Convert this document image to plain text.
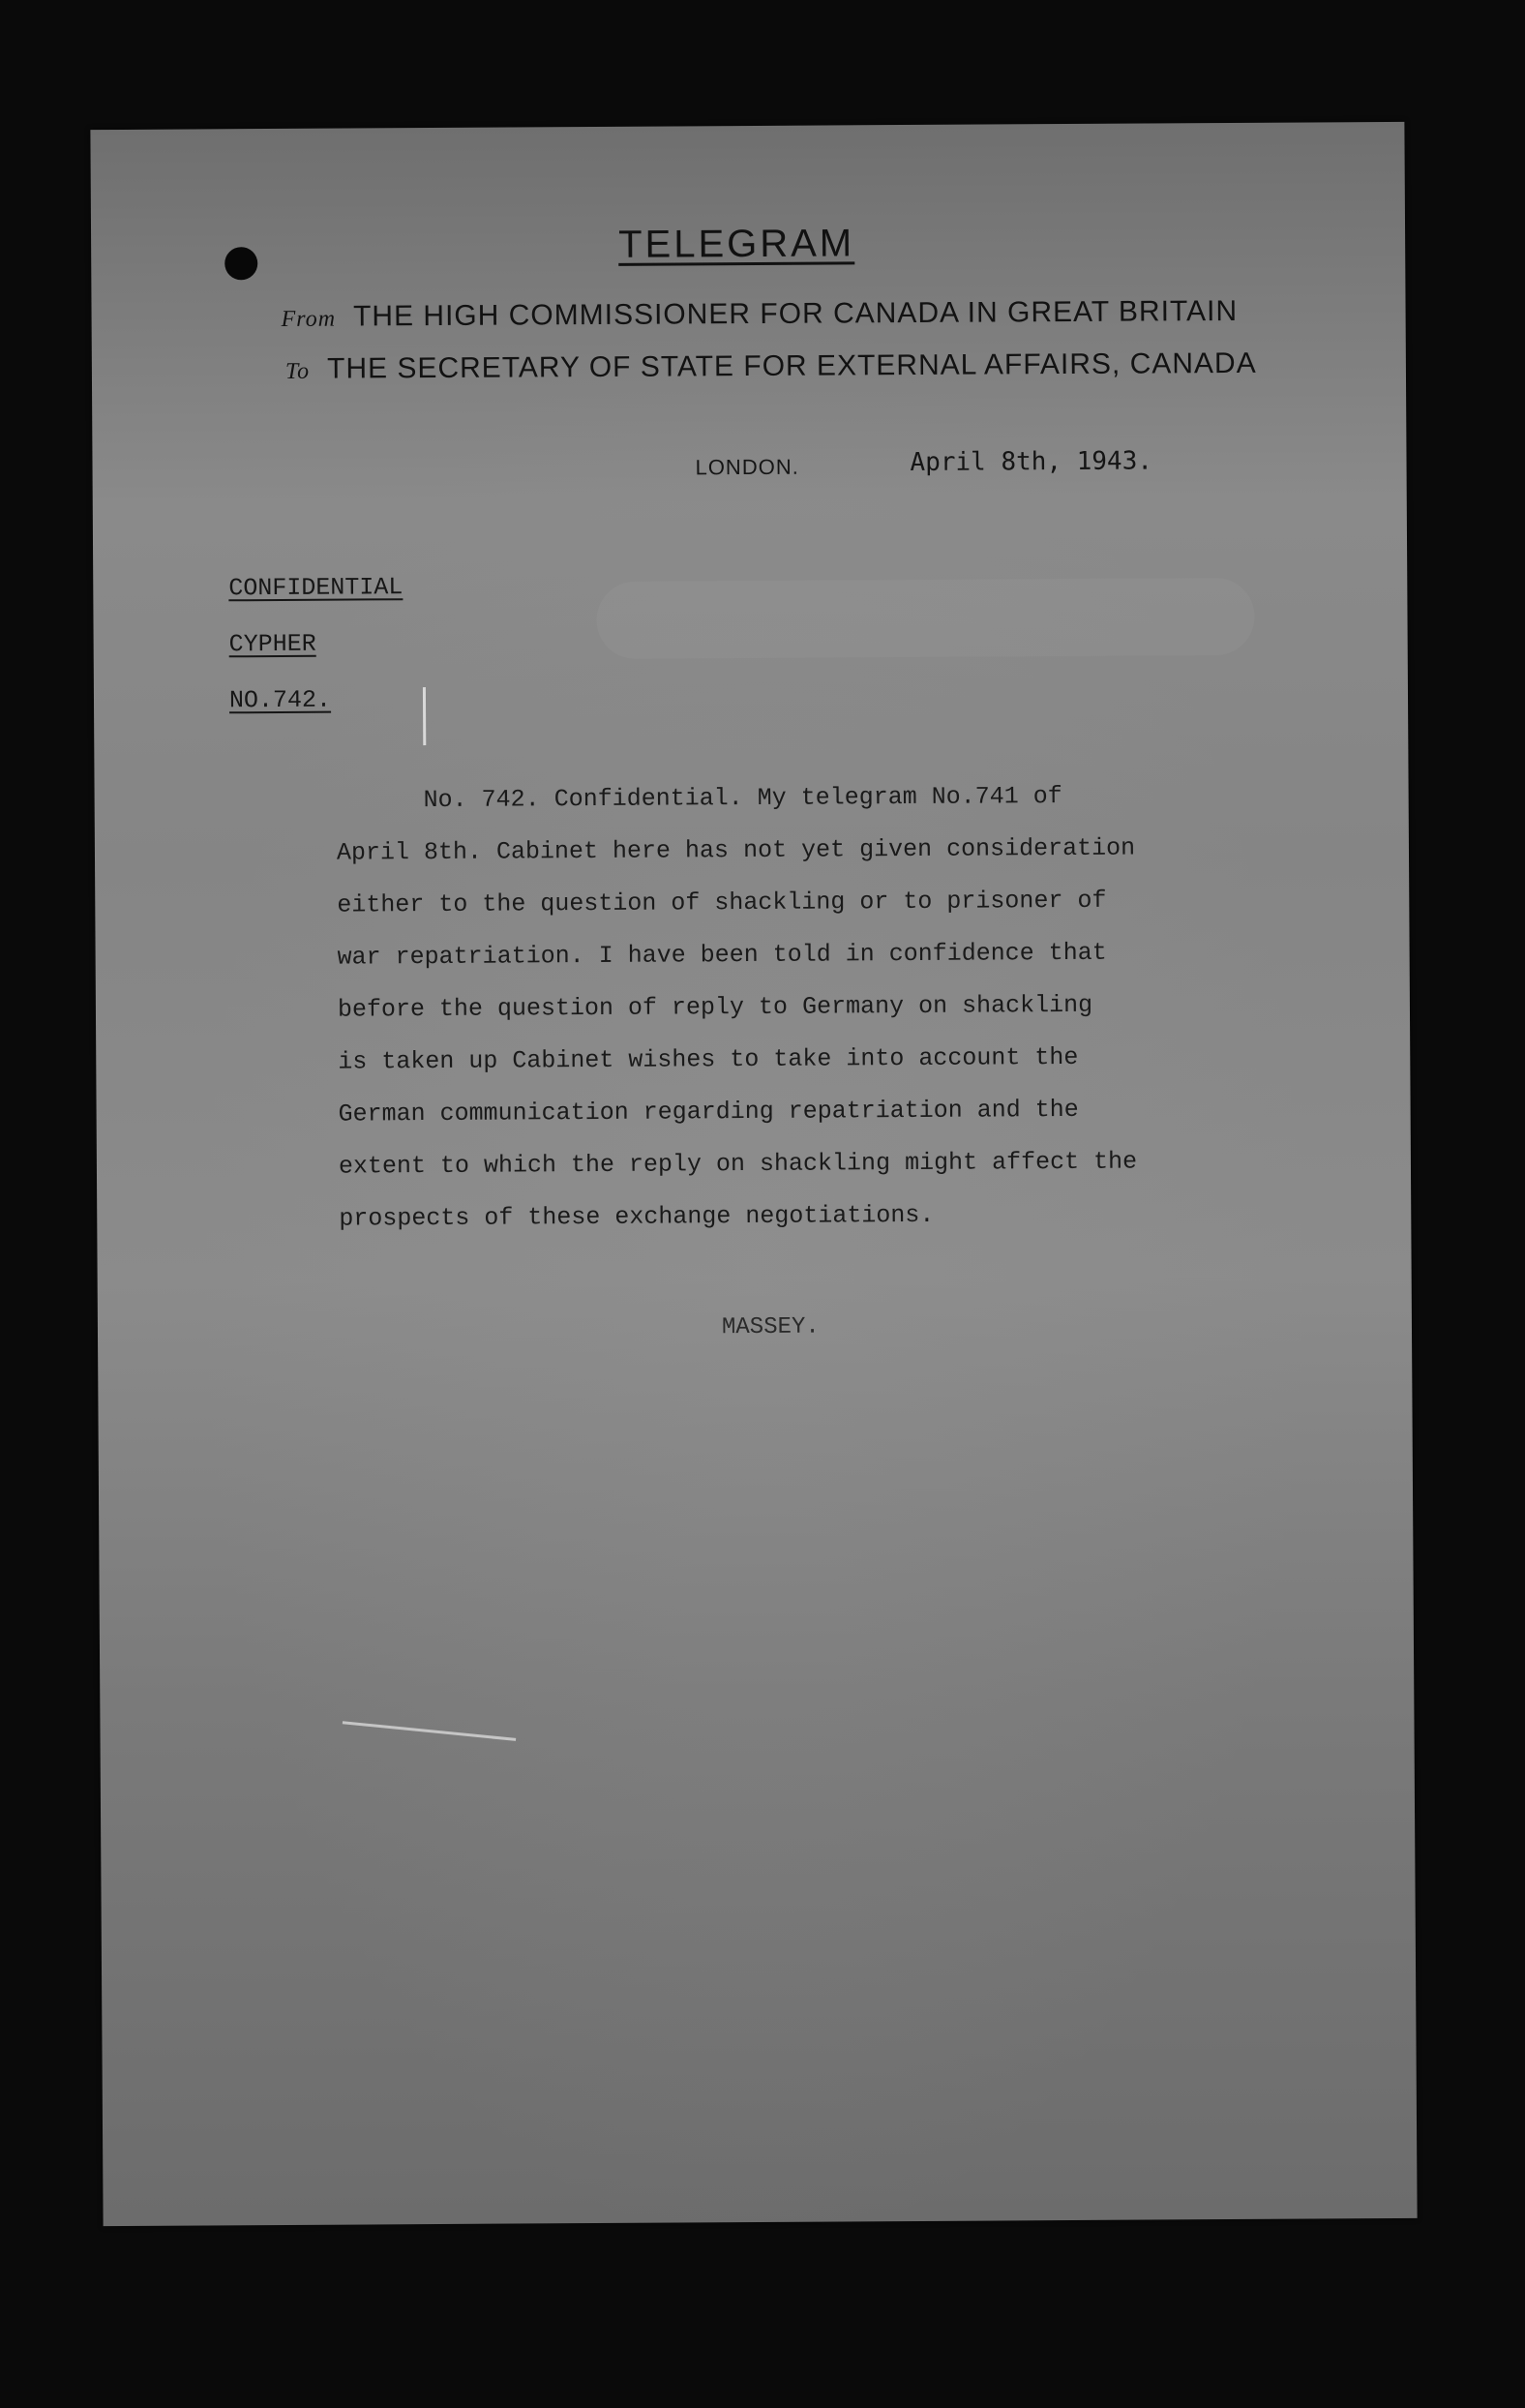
TELEGRAM
From THE HIGH COMMISSIONER FOR CANADA IN GREAT BRITAIN
To THE SECRETARY OF STATE FOR EXTERNAL AFFAIRS, CANADA
LONDON.	April 8th, 1943.
CONFIDENTIAL
CYPHER
NO.742.
No. 742. Confidential. My telegram No.741 of
April 8th. Cabinet here has not yet given consideration
either to the question of shackling or to prisoner of
war repatriation. I have been told in confidence that
before the question of reply to Germany on shackling
is taken up Cabinet wishes to take into account the
German communication regarding repatriation and the
extent to which the reply on shackling might affect the
prospects of these exchange negotiations.
MASSEY.
